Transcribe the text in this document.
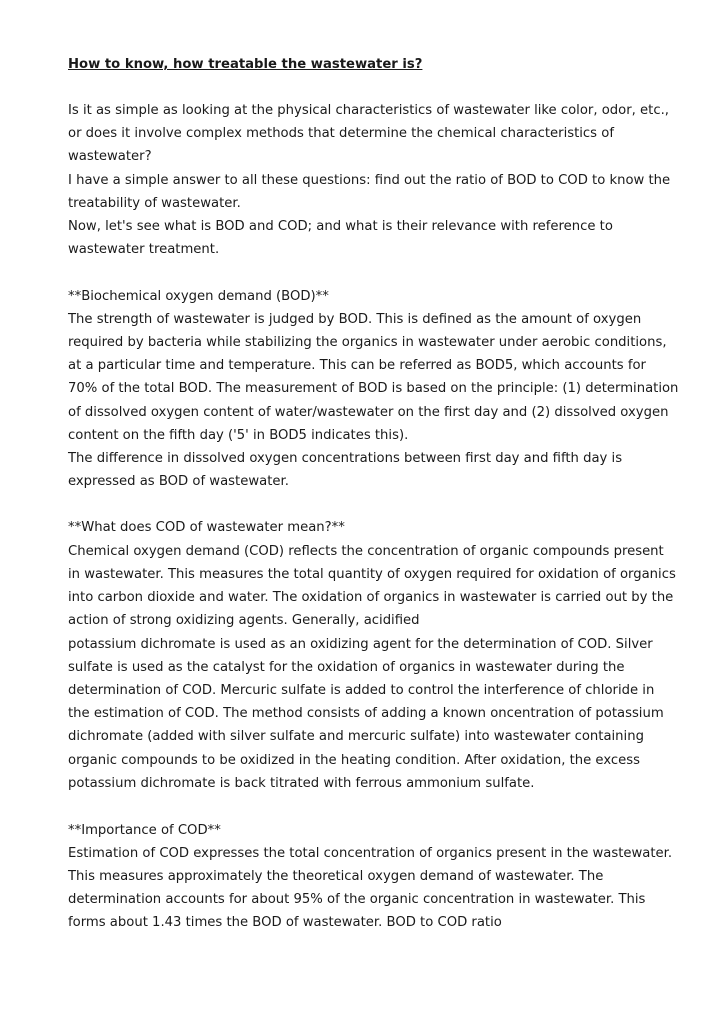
How to know, how treatable the wastewater is?
Is it as simple as looking at the physical characteristics of wastewater like color, odor, etc.,
or does it involve complex methods that determine the chemical characteristics of
wastewater?
I have a simple answer to all these questions: find out the ratio of BOD to COD to know the
treatability of wastewater.
Now, let's see what is BOD and COD; and what is their relevance with reference to
wastewater treatment.
**Biochemical oxygen demand (BOD)**
The strength of wastewater is judged by BOD. This is defined as the amount of oxygen
required by bacteria while stabilizing the organics in wastewater under aerobic conditions,
at a particular time and temperature. This can be referred as BOD5, which accounts for
70% of the total BOD. The measurement of BOD is based on the principle: (1) determination
of dissolved oxygen content of water/wastewater on the first day and (2) dissolved oxygen
content on the fifth day ('5' in BOD5 indicates this).
The difference in dissolved oxygen concentrations between first day and fifth day is
expressed as BOD of wastewater.
**What does COD of wastewater mean?**
Chemical oxygen demand (COD) reflects the concentration of organic compounds present
in wastewater. This measures the total quantity of oxygen required for oxidation of organics
into carbon dioxide and water. The oxidation of organics in wastewater is carried out by the
action of strong oxidizing agents. Generally, acidified
potassium dichromate is used as an oxidizing agent for the determination of COD. Silver
sulfate is used as the catalyst for the oxidation of organics in wastewater during the
determination of COD. Mercuric sulfate is added to control the interference of chloride in
the estimation of COD. The method consists of adding a known oncentration of potassium
dichromate (added with silver sulfate and mercuric sulfate) into wastewater containing
organic compounds to be oxidized in the heating condition. After oxidation, the excess
potassium dichromate is back titrated with ferrous ammonium sulfate.
**Importance of COD**
Estimation of COD expresses the total concentration of organics present in the wastewater.
This measures approximately the theoretical oxygen demand of wastewater. The
determination accounts for about 95% of the organic concentration in wastewater. This
forms about 1.43 times the BOD of wastewater. BOD to COD ratio
